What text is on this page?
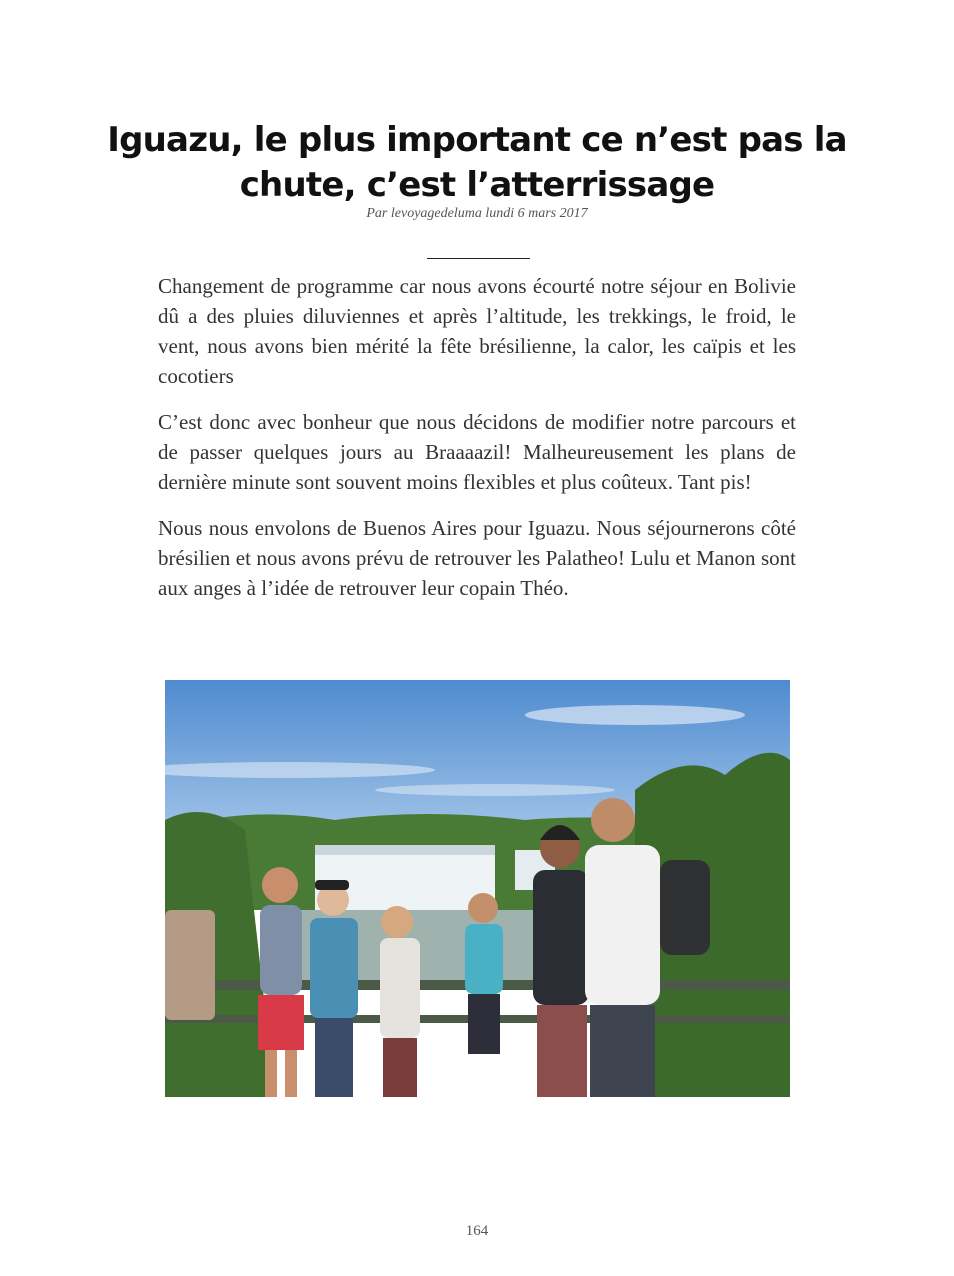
Iguazu, le plus important ce n’est pas la
chute, c’est l’atterrissage
Par levoyagedeluma lundi 6 mars 2017

Changement de programme car nous avons écourté notre séjour en Bolivie dû a des pluies diluviennes et après l’altitude, les trekkings, le froid, le vent, nous avons bien mérité la fête brésilienne, la calor, les caïpis et les cocotiers

C’est donc avec bonheur que nous décidons de modifier notre parcours et de passer quelques jours au Braaaazil! Malheureusement les plans de dernière minute sont souvent moins flexibles et plus coûteux. Tant pis!

Nous nous envolons de Buenos Aires pour Iguazu. Nous séjournerons côté brésilien et nous avons prévu de retrouver les Palatheo! Lulu et Manon sont aux anges à l’idée de retrouver leur copain Théo.

164
